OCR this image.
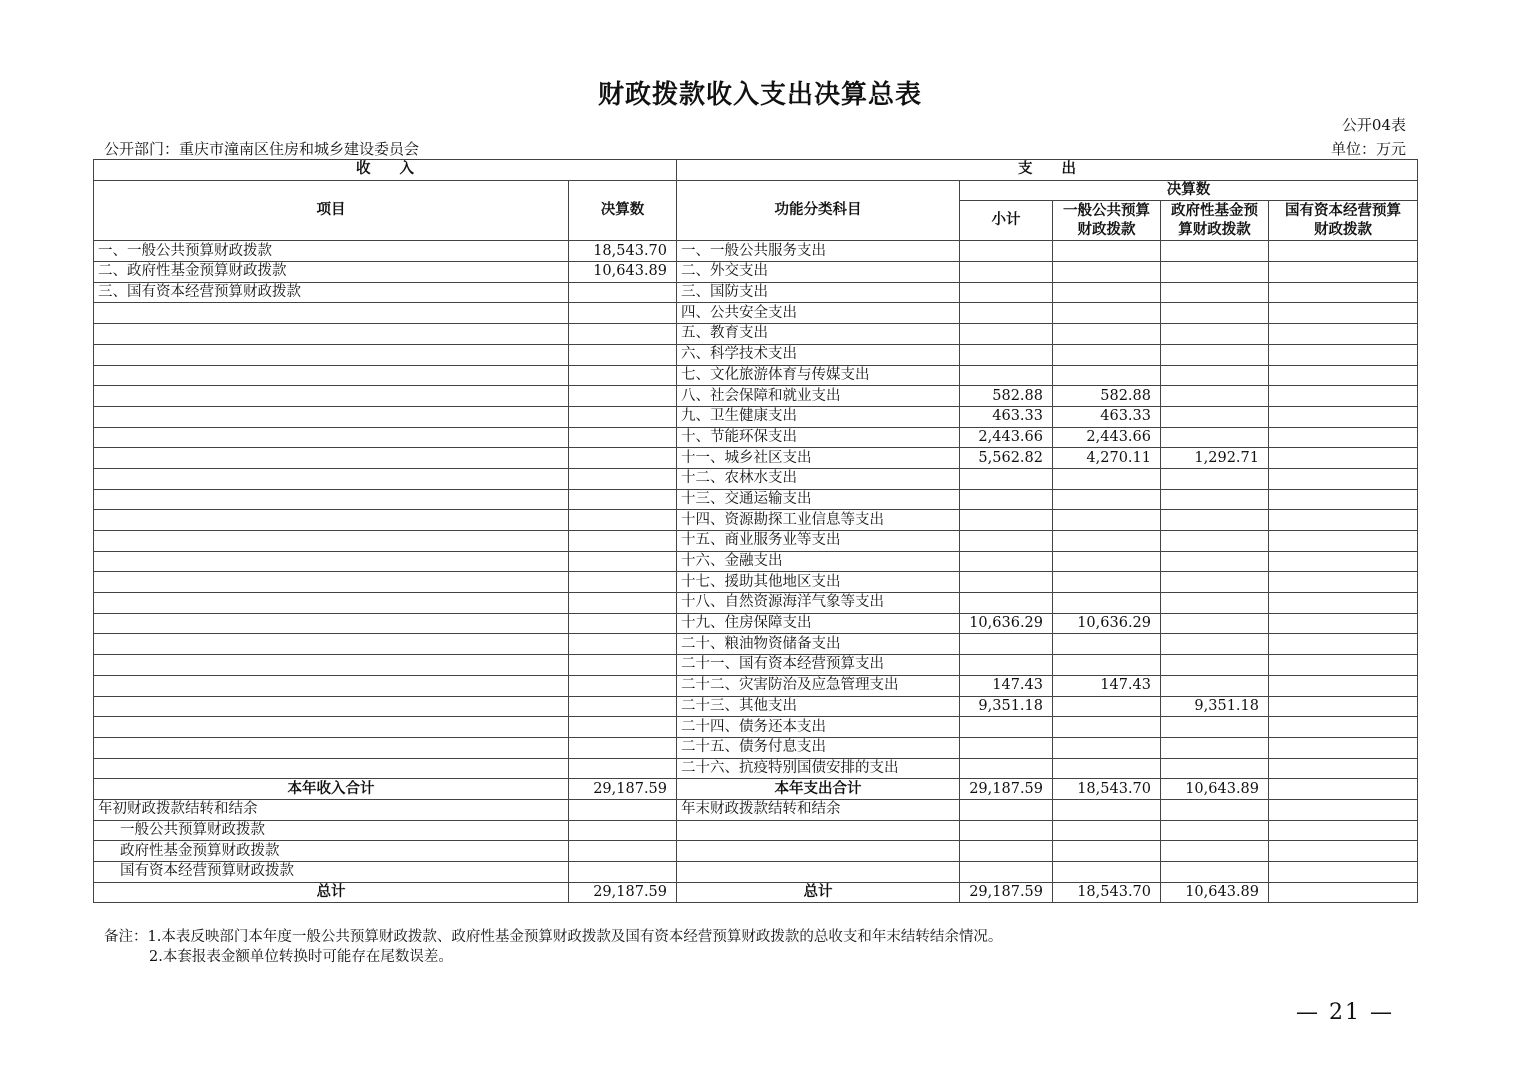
财政拨款收入支出决算总表
公开04表
公开部门：重庆市潼南区住房和城乡建设委员会	单位：万元
收　　入		支　　出				
项目	决算数	功能分类科目	决算数			
			小计	一般公共预算财政拨款	政府性基金预算财政拨款	国有资本经营预算财政拨款
一、一般公共预算财政拨款	18,543.70	一、一般公共服务支出				
二、政府性基金预算财政拨款	10,643.89	二、外交支出				
三、国有资本经营预算财政拨款		三、国防支出				
		四、公共安全支出				
		五、教育支出				
		六、科学技术支出				
		七、文化旅游体育与传媒支出				
		八、社会保障和就业支出	582.88	582.88		
		九、卫生健康支出	463.33	463.33		
		十、节能环保支出	2,443.66	2,443.66		
		十一、城乡社区支出	5,562.82	4,270.11	1,292.71	
		十二、农林水支出				
		十三、交通运输支出				
		十四、资源勘探工业信息等支出				
		十五、商业服务业等支出				
		十六、金融支出				
		十七、援助其他地区支出				
		十八、自然资源海洋气象等支出				
		十九、住房保障支出	10,636.29	10,636.29		
		二十、粮油物资储备支出				
		二十一、国有资本经营预算支出				
		二十二、灾害防治及应急管理支出	147.43	147.43		
		二十三、其他支出	9,351.18		9,351.18	
		二十四、债务还本支出				
		二十五、债务付息支出				
		二十六、抗疫特别国债安排的支出				
本年收入合计	29,187.59	本年支出合计	29,187.59	18,543.70	10,643.89	
年初财政拨款结转和结余		年末财政拨款结转和结余				
一般公共预算财政拨款						
政府性基金预算财政拨款						
国有资本经营预算财政拨款						
总计	29,187.59	总计	29,187.59	18,543.70	10,643.89	
备注：1.本表反映部门本年度一般公共预算财政拨款、政府性基金预算财政拨款及国有资本经营预算财政拨款的总收支和年末结转结余情况。
2.本套报表金额单位转换时可能存在尾数误差。
— 21 —
